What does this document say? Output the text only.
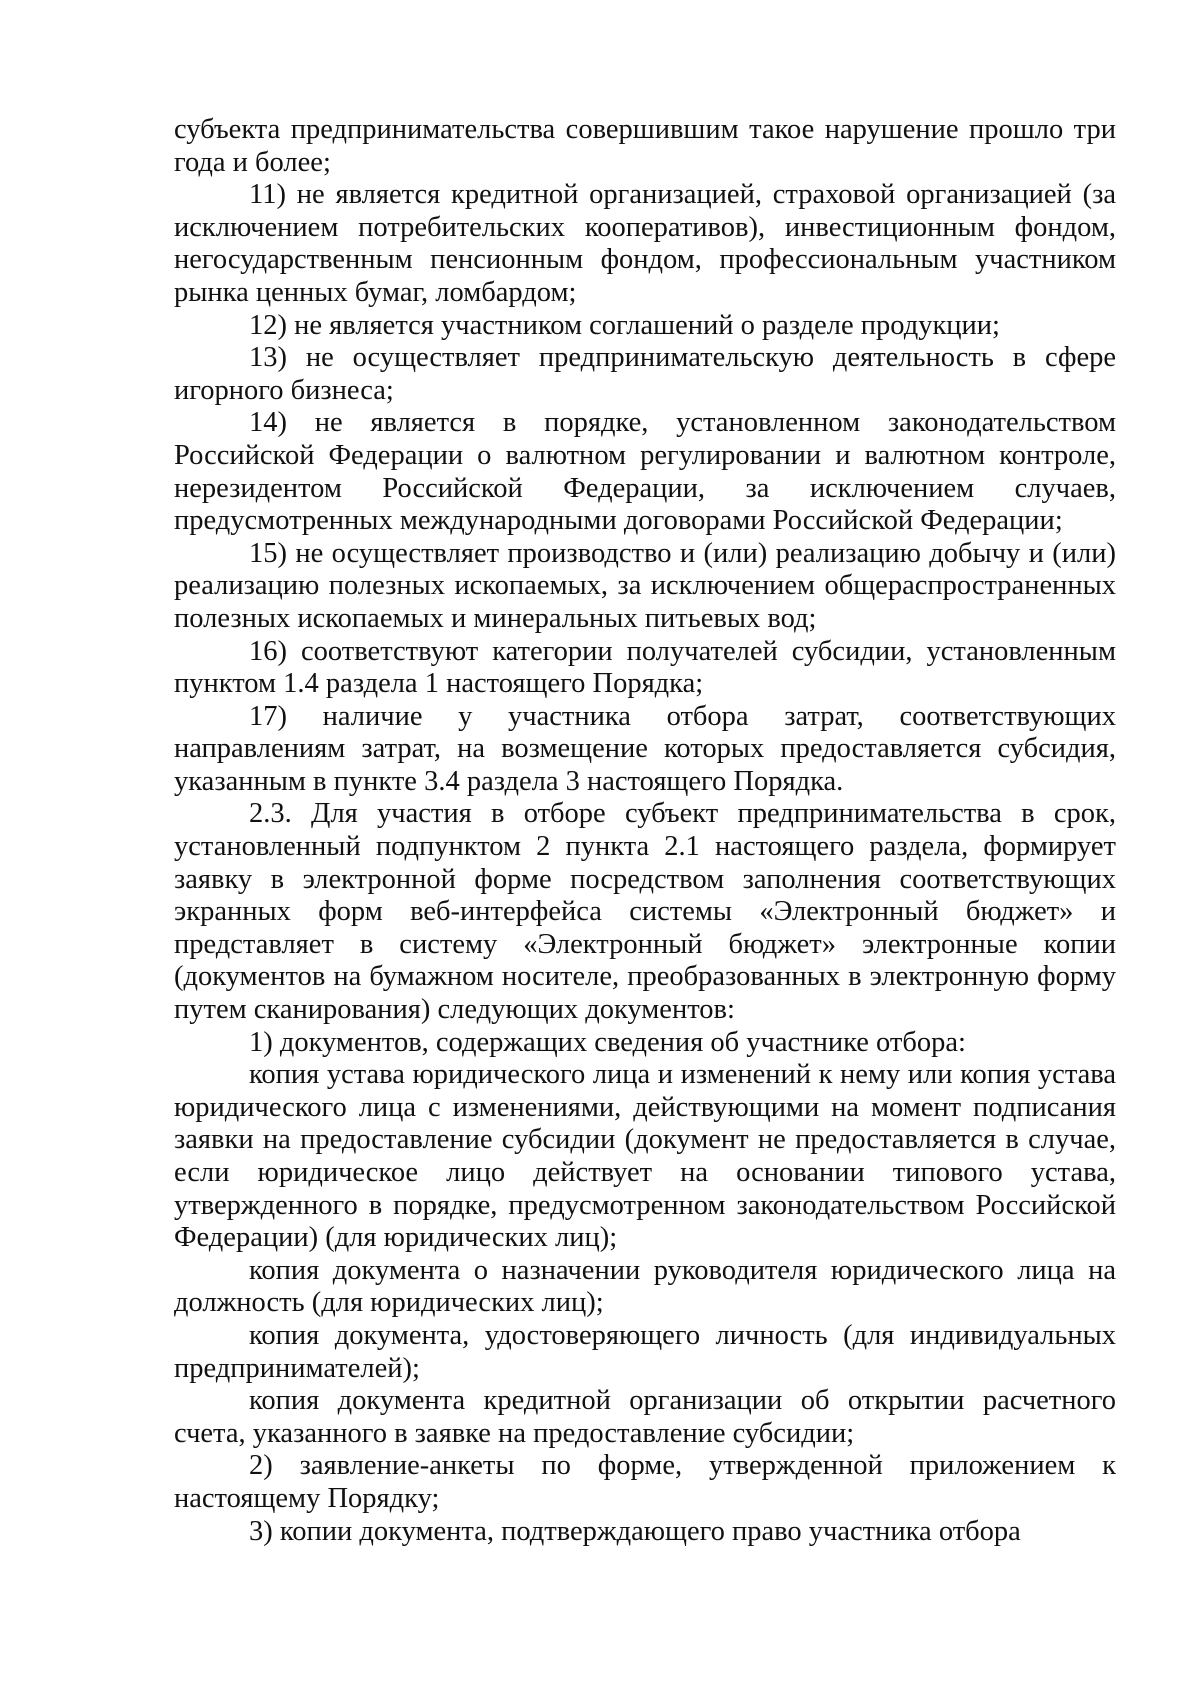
субъекта предпринимательства совершившим такое нарушение прошло три года и более;

11) не является кредитной организацией, страховой организацией (за исключением потребительских кооперативов), инвестиционным фондом, негосударственным пенсионным фондом, профессиональным участником рынка ценных бумаг, ломбардом;

12) не является участником соглашений о разделе продукции;

13) не осуществляет предпринимательскую деятельность в сфере игорного бизнеса;

14) не является в порядке, установленном законодательством Российской Федерации о валютном регулировании и валютном контроле, нерезидентом Российской Федерации, за исключением случаев, предусмотренных международными договорами Российской Федерации;

15) не осуществляет производство и (или) реализацию добычу и (или) реализацию полезных ископаемых, за исключением общераспространенных полезных ископаемых и минеральных питьевых вод;

16) соответствуют категории получателей субсидии, установленным пунктом 1.4 раздела 1 настоящего Порядка;

17) наличие у участника отбора затрат, соответствующих направлениям затрат, на возмещение которых предоставляется субсидия, указанным в пункте 3.4 раздела 3 настоящего Порядка.

2.3. Для участия в отборе субъект предпринимательства в срок, установленный подпунктом 2 пункта 2.1 настоящего раздела, формирует заявку в электронной форме посредством заполнения соответствующих экранных форм веб-интерфейса системы «Электронный бюджет» и представляет в систему «Электронный бюджет» электронные копии (документов на бумажном носителе, преобразованных в электронную форму путем сканирования) следующих документов:

1) документов, содержащих сведения об участнике отбора:

копия устава юридического лица и изменений к нему или копия устава юридического лица с изменениями, действующими на момент подписания заявки на предоставление субсидии (документ не предоставляется в случае, если юридическое лицо действует на основании типового устава, утвержденного в порядке, предусмотренном законодательством Российской Федерации) (для юридических лиц);

копия документа о назначении руководителя юридического лица на должность (для юридических лиц);

копия документа, удостоверяющего личность (для индивидуальных предпринимателей);

копия документа кредитной организации об открытии расчетного счета, указанного в заявке на предоставление субсидии;

2) заявление-анкеты по форме, утвержденной приложением к настоящему Порядку;

3) копии документа, подтверждающего право участника отбора
